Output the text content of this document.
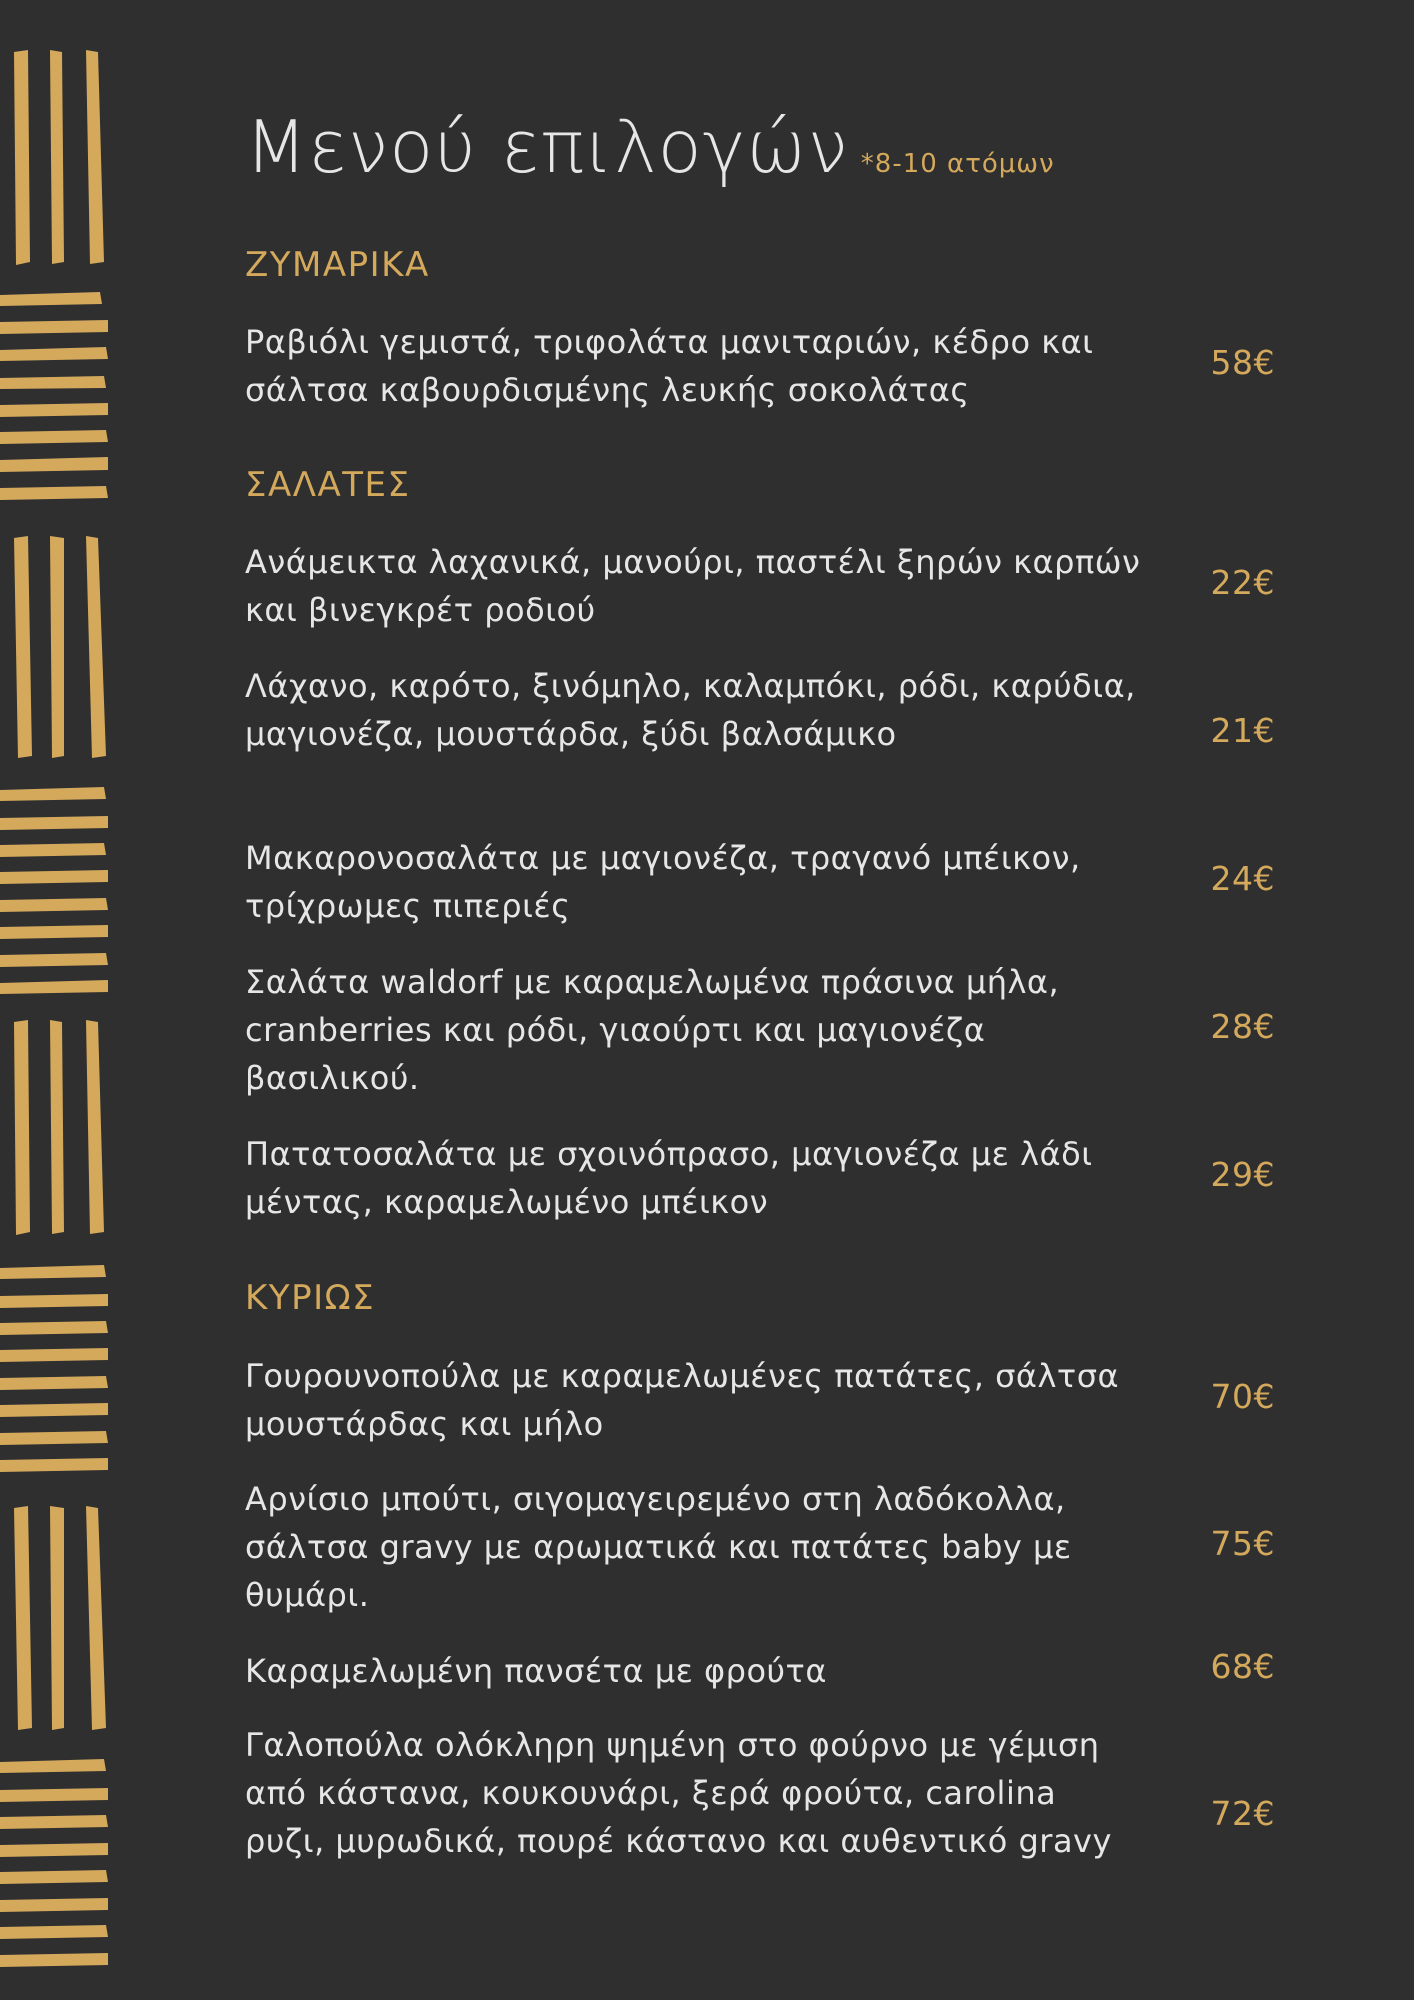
Μενού επιλογών *8-10 ατόμων
ΖΥΜΑΡΙΚΑ
Ραβιόλι γεμιστά, τριφολάτα μανιταριών, κέδρο και σάλτσα καβουρδισμένης λευκής σοκολάτας
58€
ΣΑΛΑΤΕΣ
Ανάμεικτα λαχανικά, μανούρι, παστέλι ξηρών καρπών και βινεγκρέτ ροδιού
22€
Λάχανο, καρότο, ξινόμηλο, καλαμπόκι, ρόδι, καρύδια, μαγιονέζα, μουστάρδα, ξύδι βαλσάμικο	21€
Μακαρονοσαλάτα με μαγιονέζα, τραγανό μπέικον, τρίχρωμες πιπεριές
24€
Σαλάτα waldorf με καραμελωμένα πράσινα μήλα, cranberries και ρόδι, γιαούρτι και μαγιονέζα βασιλικού.
28€
Πατατοσαλάτα με σχοινόπρασο, μαγιονέζα με λάδι μέντας, καραμελωμένο μπέικον
29€
ΚΥΡΙΩΣ
Γουρουνοπούλα με καραμελωμένες πατάτες, σάλτσα μουστάρδας και μήλο
70€
Αρνίσιο μπούτι, σιγομαγειρεμένο στη λαδόκολλα, σάλτσα gravy με αρωματικά και πατάτες baby με θυμάρι.
75€
Καραμελωμένη πανσέτα με φρούτα	68€
Γαλοπούλα ολόκληρη ψημένη στο φούρνο με γέμιση από κάστανα, κουκουνάρι, ξερά φρούτα, carolina ρυζι, μυρωδικά, πουρέ κάστανο και αυθεντικό gravy
72€
